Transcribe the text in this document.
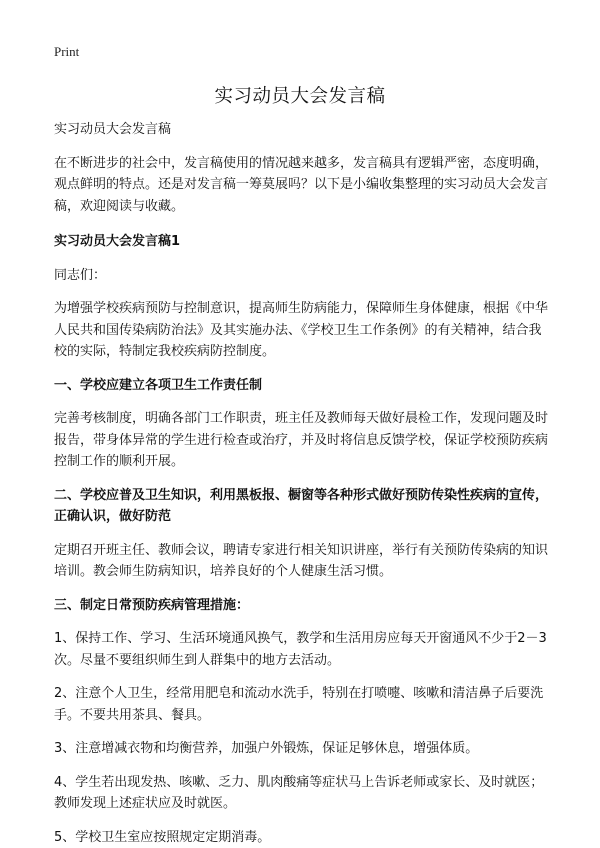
Print
实习动员大会发言稿

实习动员大会发言稿

在不断进步的社会中，发言稿使用的情况越来越多，发言稿具有逻辑严密，态度明确，观点鲜明的特点。还是对发言稿一筹莫展吗？以下是小编收集整理的实习动员大会发言稿，欢迎阅读与收藏。

实习动员大会发言稿1

同志们：

为增强学校疾病预防与控制意识，提高师生防病能力，保障师生身体健康，根据《中华人民共和国传染病防治法》及其实施办法、《学校卫生工作条例》的有关精神，结合我校的实际，特制定我校疾病防控制度。

一、学校应建立各项卫生工作责任制

完善考核制度，明确各部门工作职责，班主任及教师每天做好晨检工作，发现问题及时报告，带身体异常的学生进行检查或治疗，并及时将信息反馈学校，保证学校预防疾病控制工作的顺利开展。

二、学校应普及卫生知识，利用黑板报、橱窗等各种形式做好预防传染性疾病的宣传，正确认识，做好防范

定期召开班主任、教师会议，聘请专家进行相关知识讲座，举行有关预防传染病的知识培训。教会师生防病知识，培养良好的个人健康生活习惯。

三、制定日常预防疾病管理措施：

1、保持工作、学习、生活环境通风换气，教学和生活用房应每天开窗通风不少于2－3次。尽量不要组织师生到人群集中的地方去活动。

2、注意个人卫生，经常用肥皂和流动水洗手，特别在打喷嚏、咳嗽和清洁鼻子后要洗手。不要共用茶具、餐具。

3、注意增减衣物和均衡营养，加强户外锻炼，保证足够休息，增强体质。

4、学生若出现发热、咳嗽、乏力、肌肉酸痛等症状马上告诉老师或家长、及时就医；教师发现上述症状应及时就医。

5、学校卫生室应按照规定定期消毒。
